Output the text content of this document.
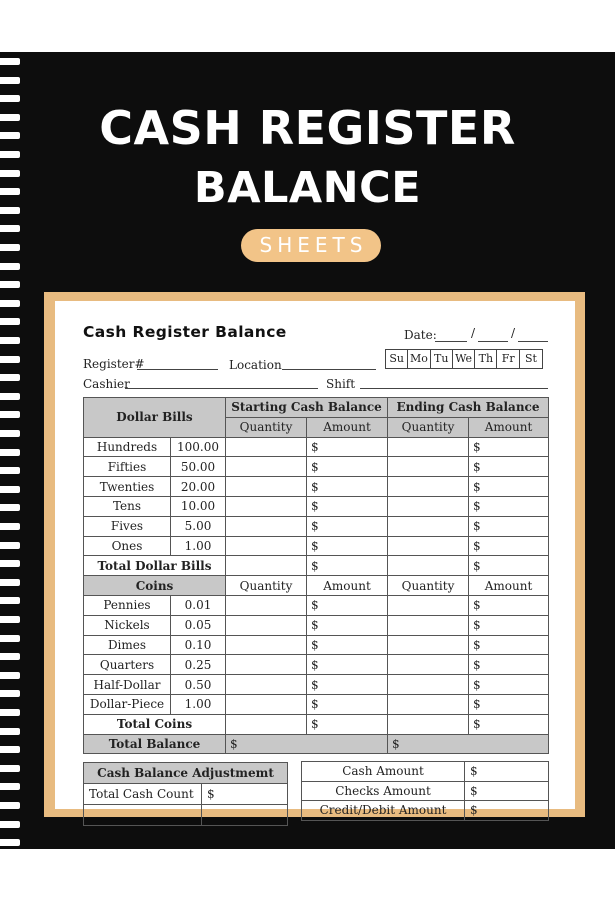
CASH REGISTER
BALANCE
SHEETS
Cash Register Balance	Date:	/	/
Register#	Location	Su Mo Tu We Th Fr St
Cashier	Shift
Dollar Bills		Starting Cash Balance		Ending Cash Balance	
		Quantity	Amount	Quantity	Amount
Hundreds	100.00		$		$
Fifties	50.00		$		$
Twenties	20.00		$		$
Tens	10.00		$		$
Fives	5.00		$		$
Ones	1.00		$		$
Total Dollar Bills			$		$
Coins		Quantity	Amount	Quantity	Amount
Pennies	0.01		$		$
Nickels	0.05		$		$
Dimes	0.10		$		$
Quarters	0.25		$		$
Half-Dollar	0.50		$		$
Dollar-Piece	1.00		$		$
Total Coins			$		$
Total Balance		$		$	
Cash Balance Adjustmemt	
Total Cash Count	$

Cash Amount	$
Checks Amount	$
Credit/Debit Amount	$
